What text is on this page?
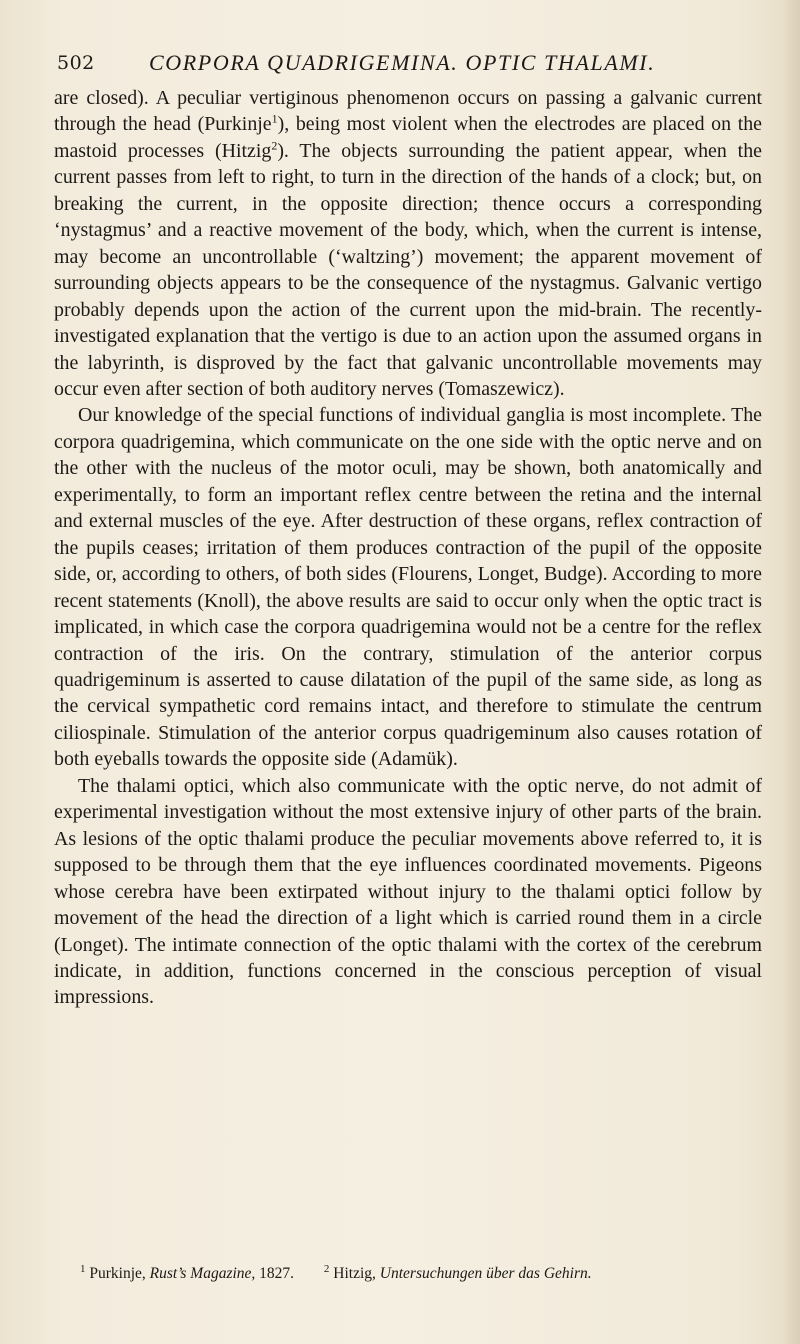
502 CORPORA QUADRIGEMINA. OPTIC THALAMI.

are closed). A peculiar vertiginous phenomenon occurs on passing a galvanic current through the head (Purkinje$^1$), being most violent when the electrodes are placed on the mastoid processes (Hitzig$^2$). The objects surrounding the patient appear, when the current passes from left to right, to turn in the direction of the hands of a clock; but, on breaking the current, in the opposite direction; thence occurs a corresponding ‘nystagmus’ and a reactive movement of the body, which, when the current is intense, may become an uncontrollable (‘waltzing’) movement; the apparent movement of surrounding objects appears to be the consequence of the nystagmus. Galvanic vertigo probably depends upon the action of the current upon the mid-brain. The recently-investigated explanation that the vertigo is due to an action upon the assumed organs in the labyrinth, is disproved by the fact that galvanic uncontrollable movements may occur even after section of both auditory nerves (Tomaszewicz).

Our knowledge of the special functions of individual ganglia is most incomplete. The corpora quadrigemina, which communicate on the one side with the optic nerve and on the other with the nucleus of the motor oculi, may be shown, both anatomically and experimentally, to form an important reflex centre between the retina and the internal and external muscles of the eye. After destruction of these organs, reflex contraction of the pupils ceases; irritation of them produces contraction of the pupil of the opposite side, or, according to others, of both sides (Flourens, Longet, Budge). According to more recent statements (Knoll), the above results are said to occur only when the optic tract is implicated, in which case the corpora quadrigemina would not be a centre for the reflex contraction of the iris. On the contrary, stimulation of the anterior corpus quadrigeminum is asserted to cause dilatation of the pupil of the same side, as long as the cervical sympathetic cord remains intact, and therefore to stimulate the centrum ciliospinale. Stimulation of the anterior corpus quadrigeminum also causes rotation of both eyeballs towards the opposite side (Adamük).

The thalami optici, which also communicate with the optic nerve, do not admit of experimental investigation without the most extensive injury of other parts of the brain. As lesions of the optic thalami produce the peculiar movements above referred to, it is supposed to be through them that the eye influences coordinated movements. Pigeons whose cerebra have been extirpated without injury to the thalami optici follow by movement of the head the direction of a light which is carried round them in a circle (Longet). The intimate connection of the optic thalami with the cortex of the cerebrum indicate, in addition, functions concerned in the conscious perception of visual impressions.

$^1$ Purkinje, Rust’s Magazine, 1827.	$^2$ Hitzig, Untersuchungen über das Gehirn.
